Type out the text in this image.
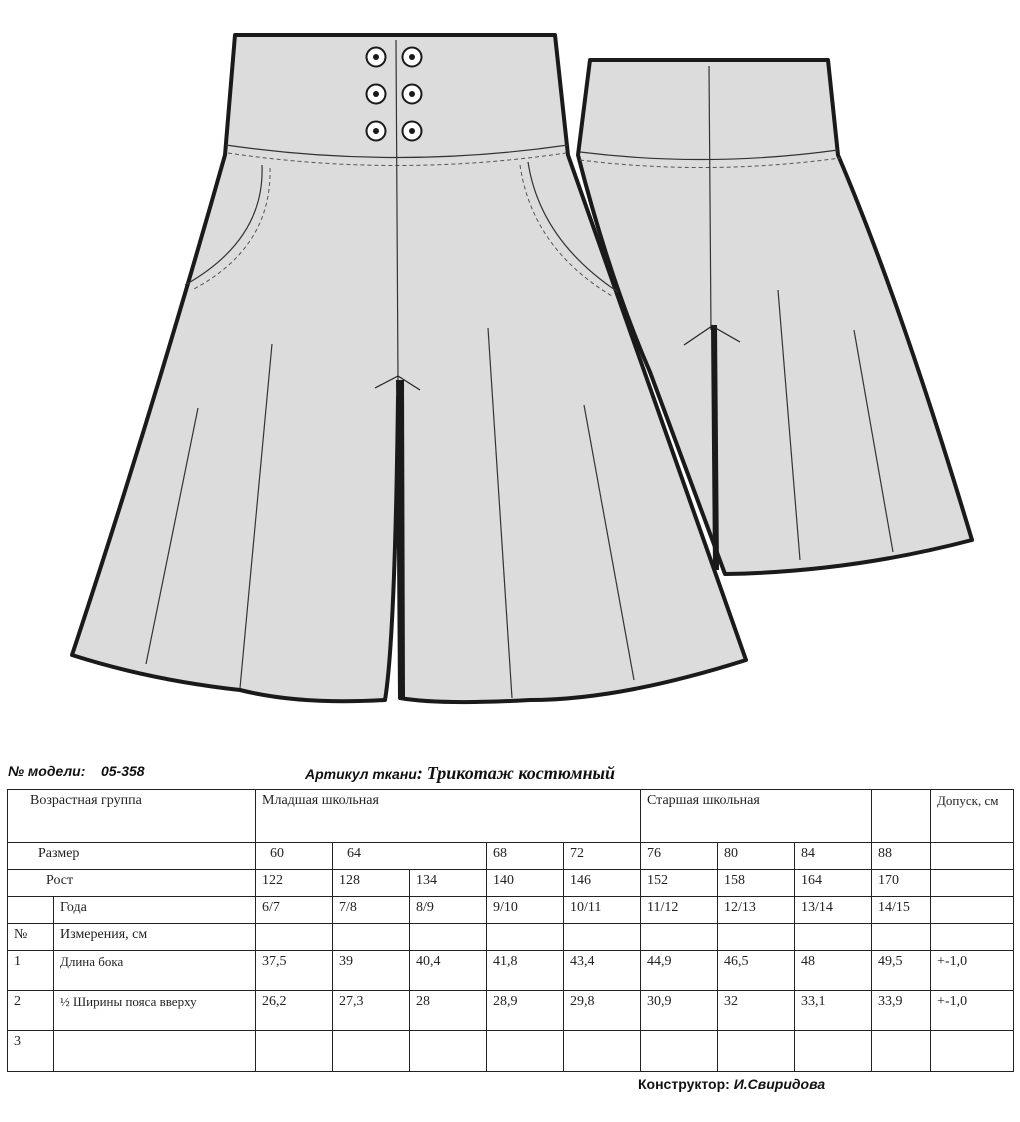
№ модели: 05-358	Артикул ткани: Трикотаж костюмный
Возрастная группа		Младшая школьная					Старшая школьная				Допуск, см
Размер		60	64		68	72	76	80	84	88	
Рост		122	128	134	140	146	152	158	164	170	
	Года	6/7	7/8	8/9	9/10	10/11	11/12	12/13	13/14	14/15	
№	Измерения, см										
1	Длина бока	37,5	39	40,4	41,8	43,4	44,9	46,5	48	49,5	+-1,0
2	½ Ширины пояса вверху	26,2	27,3	28	28,9	29,8	30,9	32	33,1	33,9	+-1,0
3											
Конструктор: И.Свиридова
